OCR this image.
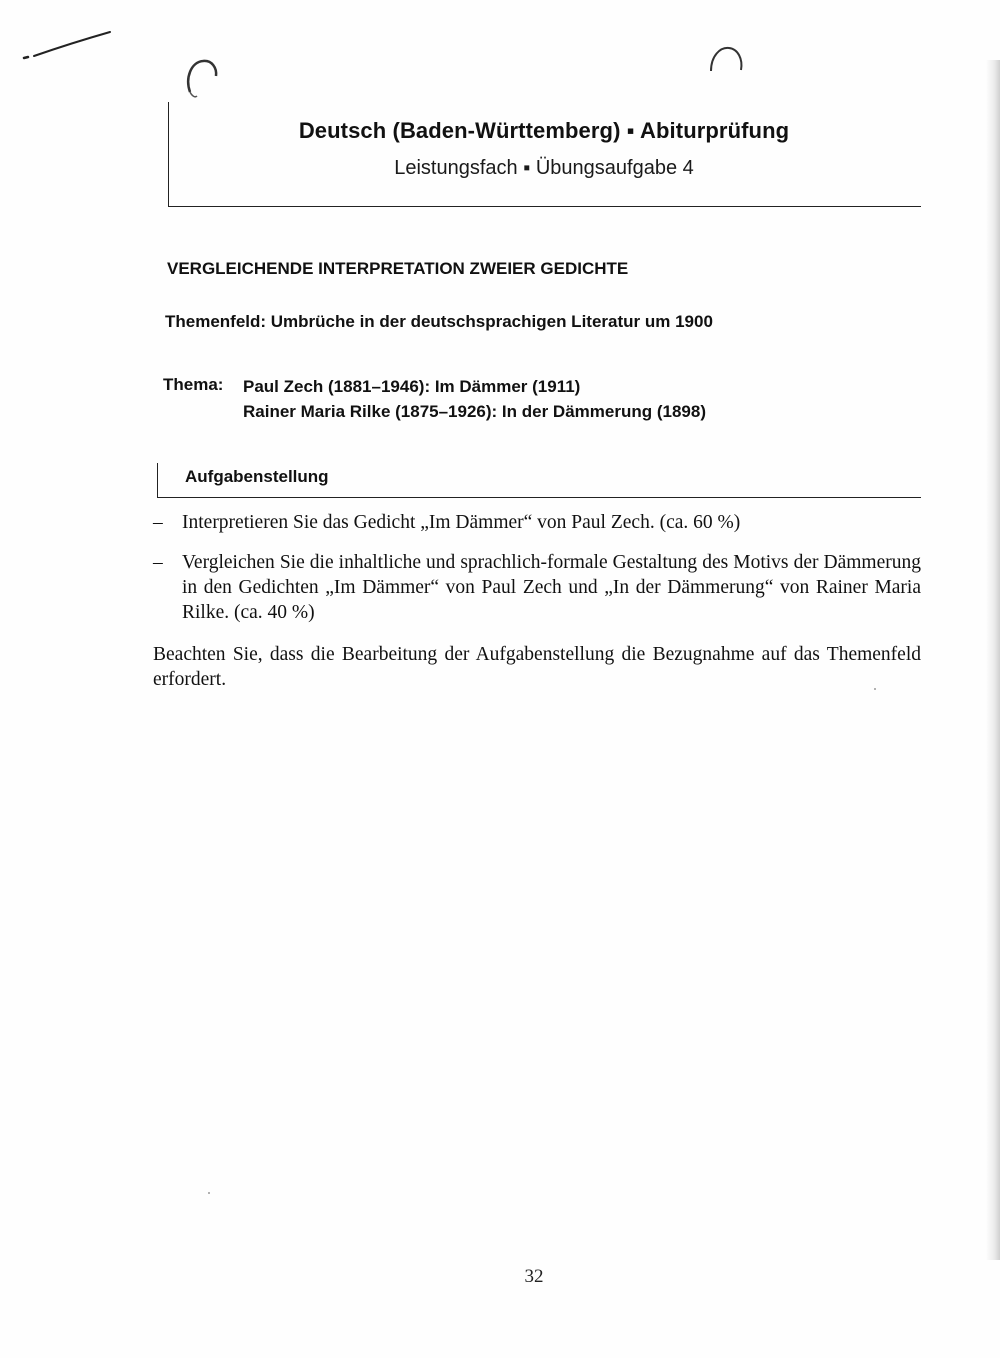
Deutsch (Baden-Württemberg) ▪ Abiturprüfung
Leistungsfach ▪ Übungsaufgabe 4
VERGLEICHENDE INTERPRETATION ZWEIER GEDICHTE
Themenfeld: Umbrüche in der deutschsprachigen Literatur um 1900
Thema: Paul Zech (1881–1946): Im Dämmer (1911)
Rainer Maria Rilke (1875–1926): In der Dämmerung (1898)
Aufgabenstellung
– Interpretieren Sie das Gedicht „Im Dämmer“ von Paul Zech. (ca. 60 %)
– Vergleichen Sie die inhaltliche und sprachlich-formale Gestaltung des Motivs der Dämmerung in den Gedichten „Im Dämmer“ von Paul Zech und „In der Dämmerung“ von Rainer Maria Rilke. (ca. 40 %)

Beachten Sie, dass die Bearbeitung der Aufgabenstellung die Bezugnahme auf das Themenfeld erfordert.

32
